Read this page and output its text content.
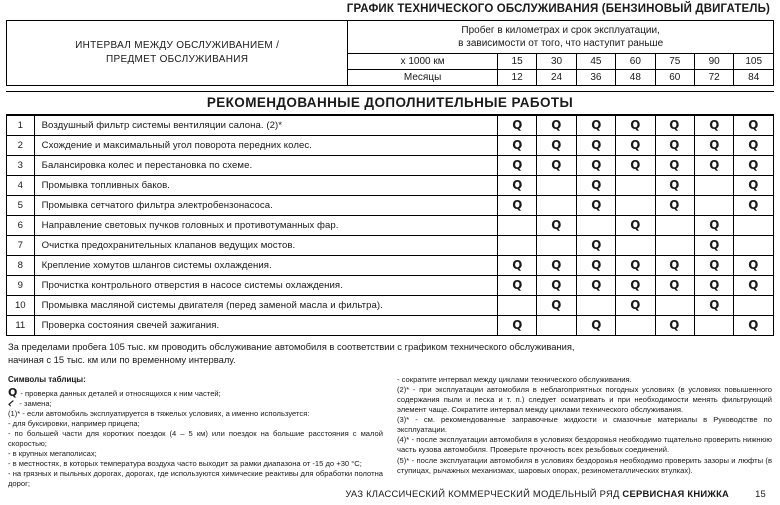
ГРАФИК ТЕХНИЧЕСКОГО ОБСЛУЖИВАНИЯ (БЕНЗИНОВЫЙ ДВИГАТЕЛЬ)
ИНТЕРВАЛ МЕЖДУ ОБСЛУЖИВАНИЕМ /
ПРЕДМЕТ ОБСЛУЖИВАНИЯ

Пробег в километрах и срок эксплуатации,
в зависимости от того, что наступит раньше

	x 1000 км	15	30	45	60	75	90	105
	Месяцы	12	24	36	48	60	72	84
РЕКОМЕНДОВАННЫЕ ДОПОЛНИТЕЛЬНЫЕ РАБОТЫ
1	Воздушный фильтр системы вентиляции салона. (2)*	Q	Q	Q	Q	Q	Q	Q
2	Схождение и максимальный угол поворота передних колес.	Q	Q	Q	Q	Q	Q	Q
3	Балансировка колес и перестановка по схеме.	Q	Q	Q	Q	Q	Q	Q
4	Промывка топливных баков.	Q		Q		Q		Q
5	Промывка сетчатого фильтра электробензонасоса.	Q		Q		Q		Q
6	Направление световых пучков головных и противотуманных фар.		Q		Q		Q	
7	Очистка предохранительных клапанов ведущих мостов.			Q			Q	
8	Крепление хомутов шлангов системы охлаждения.	Q	Q	Q	Q	Q	Q	Q
9	Прочистка контрольного отверстия в насосе системы охлаждения.	Q	Q	Q	Q	Q	Q	Q
10	Промывка масляной системы двигателя (перед заменой масла и фильтра).		Q		Q		Q	
11	Проверка состояния свечей зажигания.	Q		Q		Q		Q
За пределами пробега 105 тыс. км проводить обслуживание автомобиля в соответствии с графиком технического обслуживания,
начиная с 15 тыс. км или по временному интервалу.
Символы таблицы:
Q - проверка данных деталей и относящихся к ним частей;
⌐ - замена;

(1)* - если автомобиль эксплуатируется в тяжелых условиях, а именно используется:

- для буксировки, например прицепа;

- по большей части для коротких поездок (4 – 5 км) или поездок на большие расстояния с малой скоростью;

- в крупных мегаполисах;

- в местностях, в которых температура воздуха часто выходит за рамки диапазона от -15 до +30 °C;

- на грязных и пыльных дорогах, дорогах, где используются химические реактивы для обработки полотна дорог;

- сократите интервал между циклами технического обслуживания.

(2)* - при эксплуатации автомобиля в неблагоприятных погодных условиях (в условиях повышенного содержания пыли и песка и т. п.) следует осматривать и при необходимости менять фильтрующий элемент чаще. Сократите интервал между циклами технического обслуживания.

(3)* - см. рекомендованные заправочные жидкости и смазочные материалы в Руководстве по эксплуатации.

(4)* - после эксплуатации автомобиля в условиях бездорожья необходимо тщательно проверить нижнюю часть кузова автомобиля. Проверьте прочность всех резьбовых соединений.

(5)* - после эксплуатации автомобиля в условиях бездорожья необходимо проверить зазоры и люфты (в ступицах, рычажных механизмах, шаровых опорах, резинометаллических втулках).

УАЗ КЛАССИЧЕСКИЙ КОММЕРЧЕСКИЙ МОДЕЛЬНЫЙ РЯД СЕРВИСНАЯ КНИЖКА	15
